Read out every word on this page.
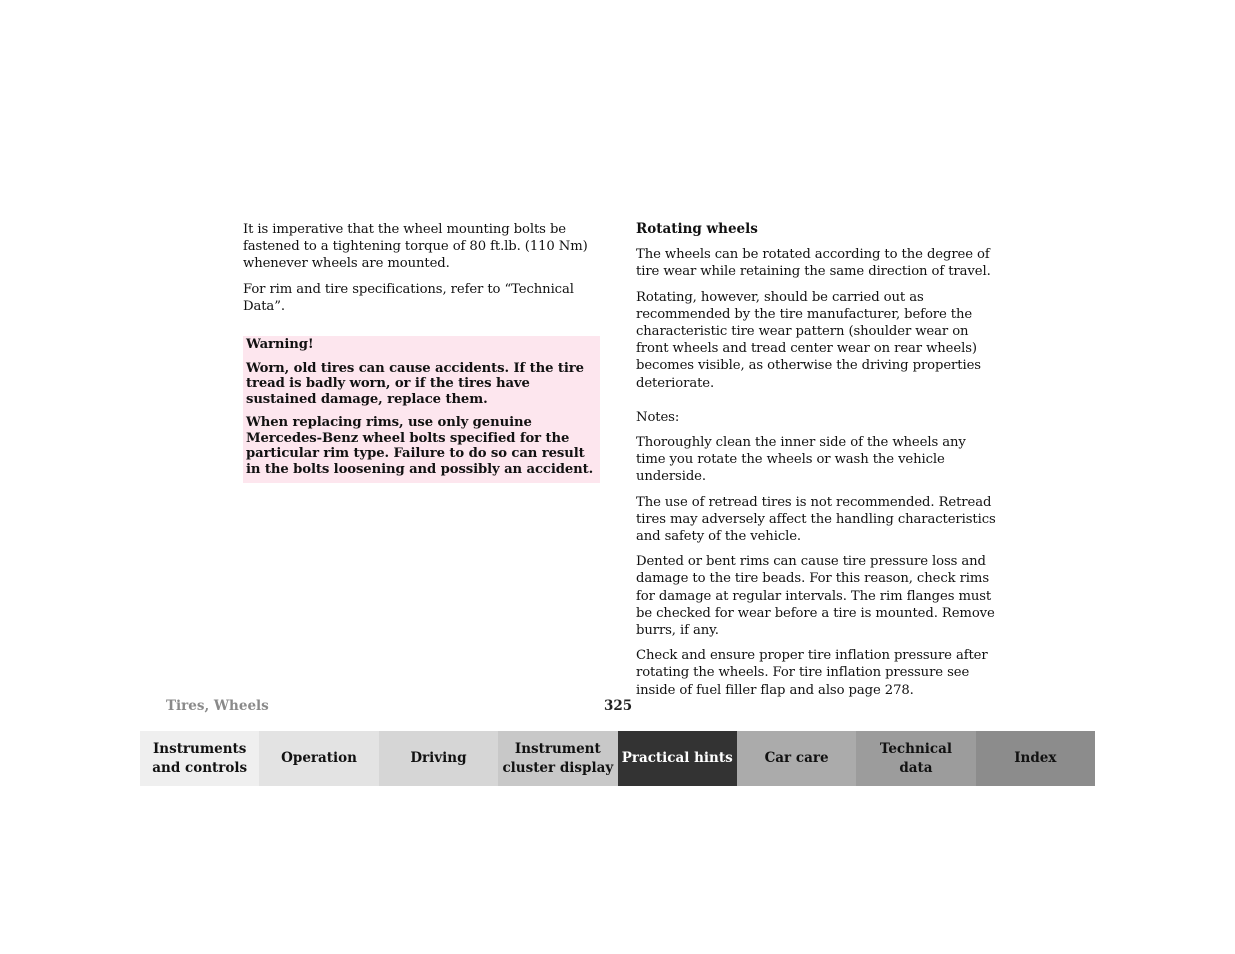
It is imperative that the wheel mounting bolts be fastened to a tightening torque of 80 ft.lb. (110 Nm) whenever wheels are mounted.

For rim and tire specifications, refer to “Technical Data”.

Warning!

Worn, old tires can cause accidents. If the tire tread is badly worn, or if the tires have sustained damage, replace them.

When replacing rims, use only genuine Mercedes-Benz wheel bolts specified for the particular rim type. Failure to do so can result in the bolts loosening and possibly an accident.

Rotating wheels

The wheels can be rotated according to the degree of tire wear while retaining the same direction of travel.

Rotating, however, should be carried out as recommended by the tire manufacturer, before the characteristic tire wear pattern (shoulder wear on front wheels and tread center wear on rear wheels) becomes visible, as otherwise the driving properties deteriorate.

Notes:

Thoroughly clean the inner side of the wheels any time you rotate the wheels or wash the vehicle underside.

The use of retread tires is not recommended. Retread tires may adversely affect the handling characteristics and safety of the vehicle.

Dented or bent rims can cause tire pressure loss and damage to the tire beads. For this reason, check rims for damage at regular intervals. The rim flanges must be checked for wear before a tire is mounted. Remove burrs, if any.

Check and ensure proper tire inflation pressure after rotating the wheels. For tire inflation pressure see inside of fuel filler flap and also page 278.

Tires, Wheels	325
Instruments
and controls
Operation	Driving
Instrument
cluster display
Practical hints	Car care
Technical
data
Index
